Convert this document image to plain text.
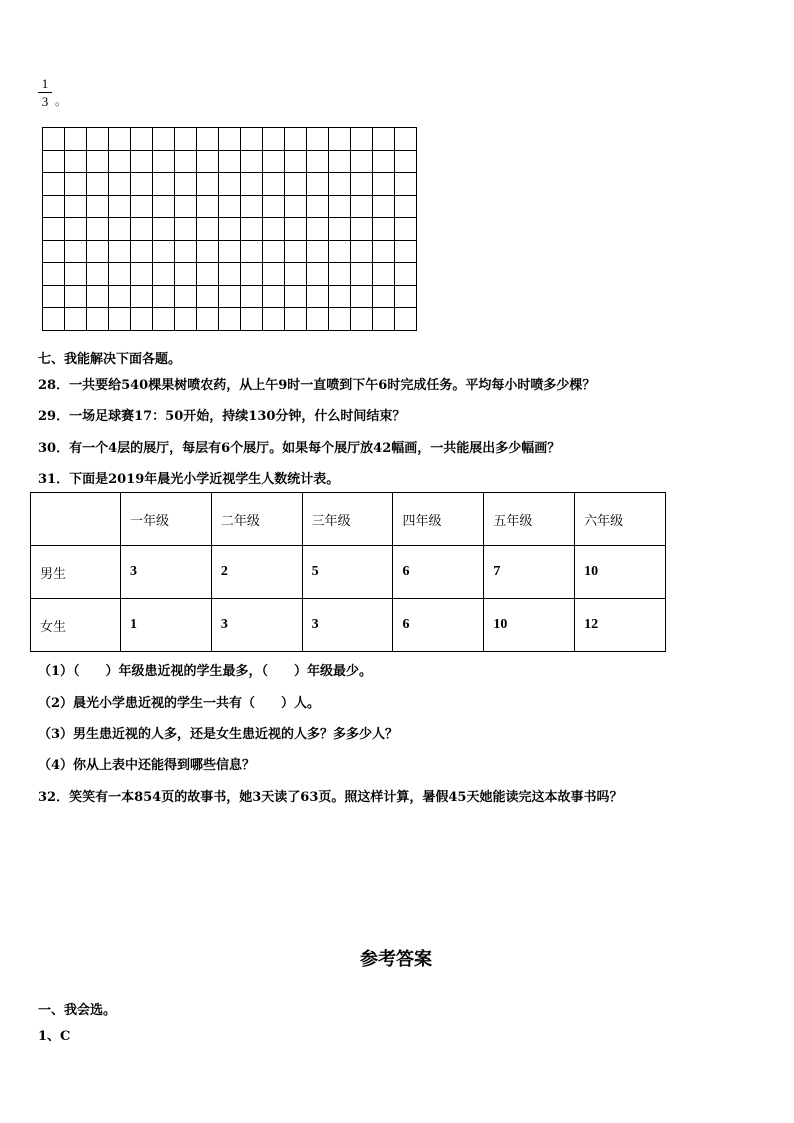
1
3 。

七、我能解决下面各题。
28．一共要给540棵果树喷农药，从上午9时一直喷到下午6时完成任务。平均每小时喷多少棵？
29．一场足球赛17：50开始，持续130分钟，什么时间结束？
30．有一个4层的展厅，每层有6个展厅。如果每个展厅放42幅画，一共能展出多少幅画？
31．下面是2019年晨光小学近视学生人数统计表。
	一年级	二年级	三年级	四年级	五年级	六年级
男生	3	2	5	6	7	10
女生	1	3	3	6	10	12
（1）（　　）年级患近视的学生最多，（　　）年级最少。
（2）晨光小学患近视的学生一共有（　　）人。
（3）男生患近视的人多，还是女生患近视的人多？多多少人？
（4）你从上表中还能得到哪些信息？
32．笑笑有一本854页的故事书，她3天读了63页。照这样计算，暑假45天她能读完这本故事书吗？
参考答案
一、我会选。
1、C
